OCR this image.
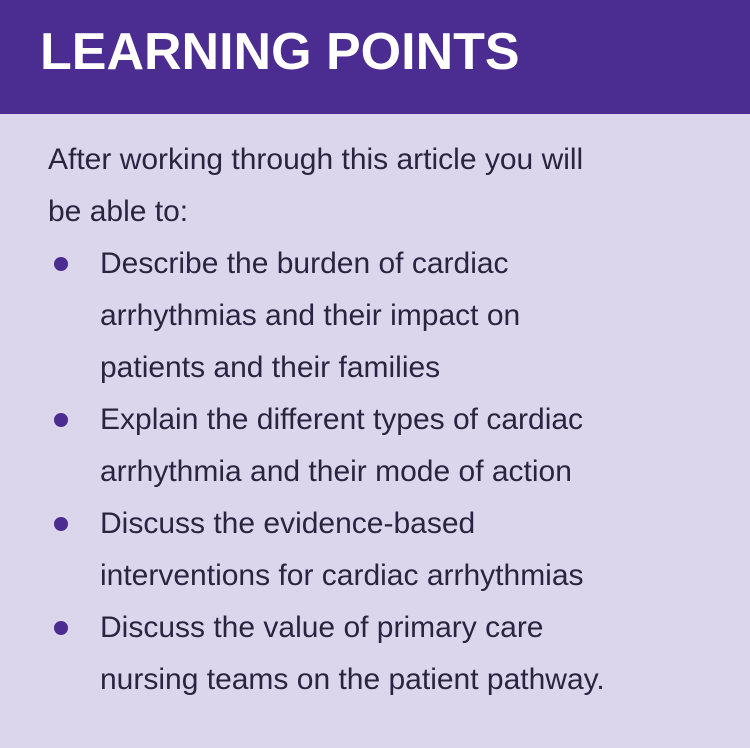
LEARNING POINTS

After working through this article you will
be able to:

Describe the burden of cardiac
arrhythmias and their impact on
patients and their families
Explain the different types of cardiac
arrhythmia and their mode of action
Discuss the evidence-based
interventions for cardiac arrhythmias
Discuss the value of primary care
nursing teams on the patient pathway.
